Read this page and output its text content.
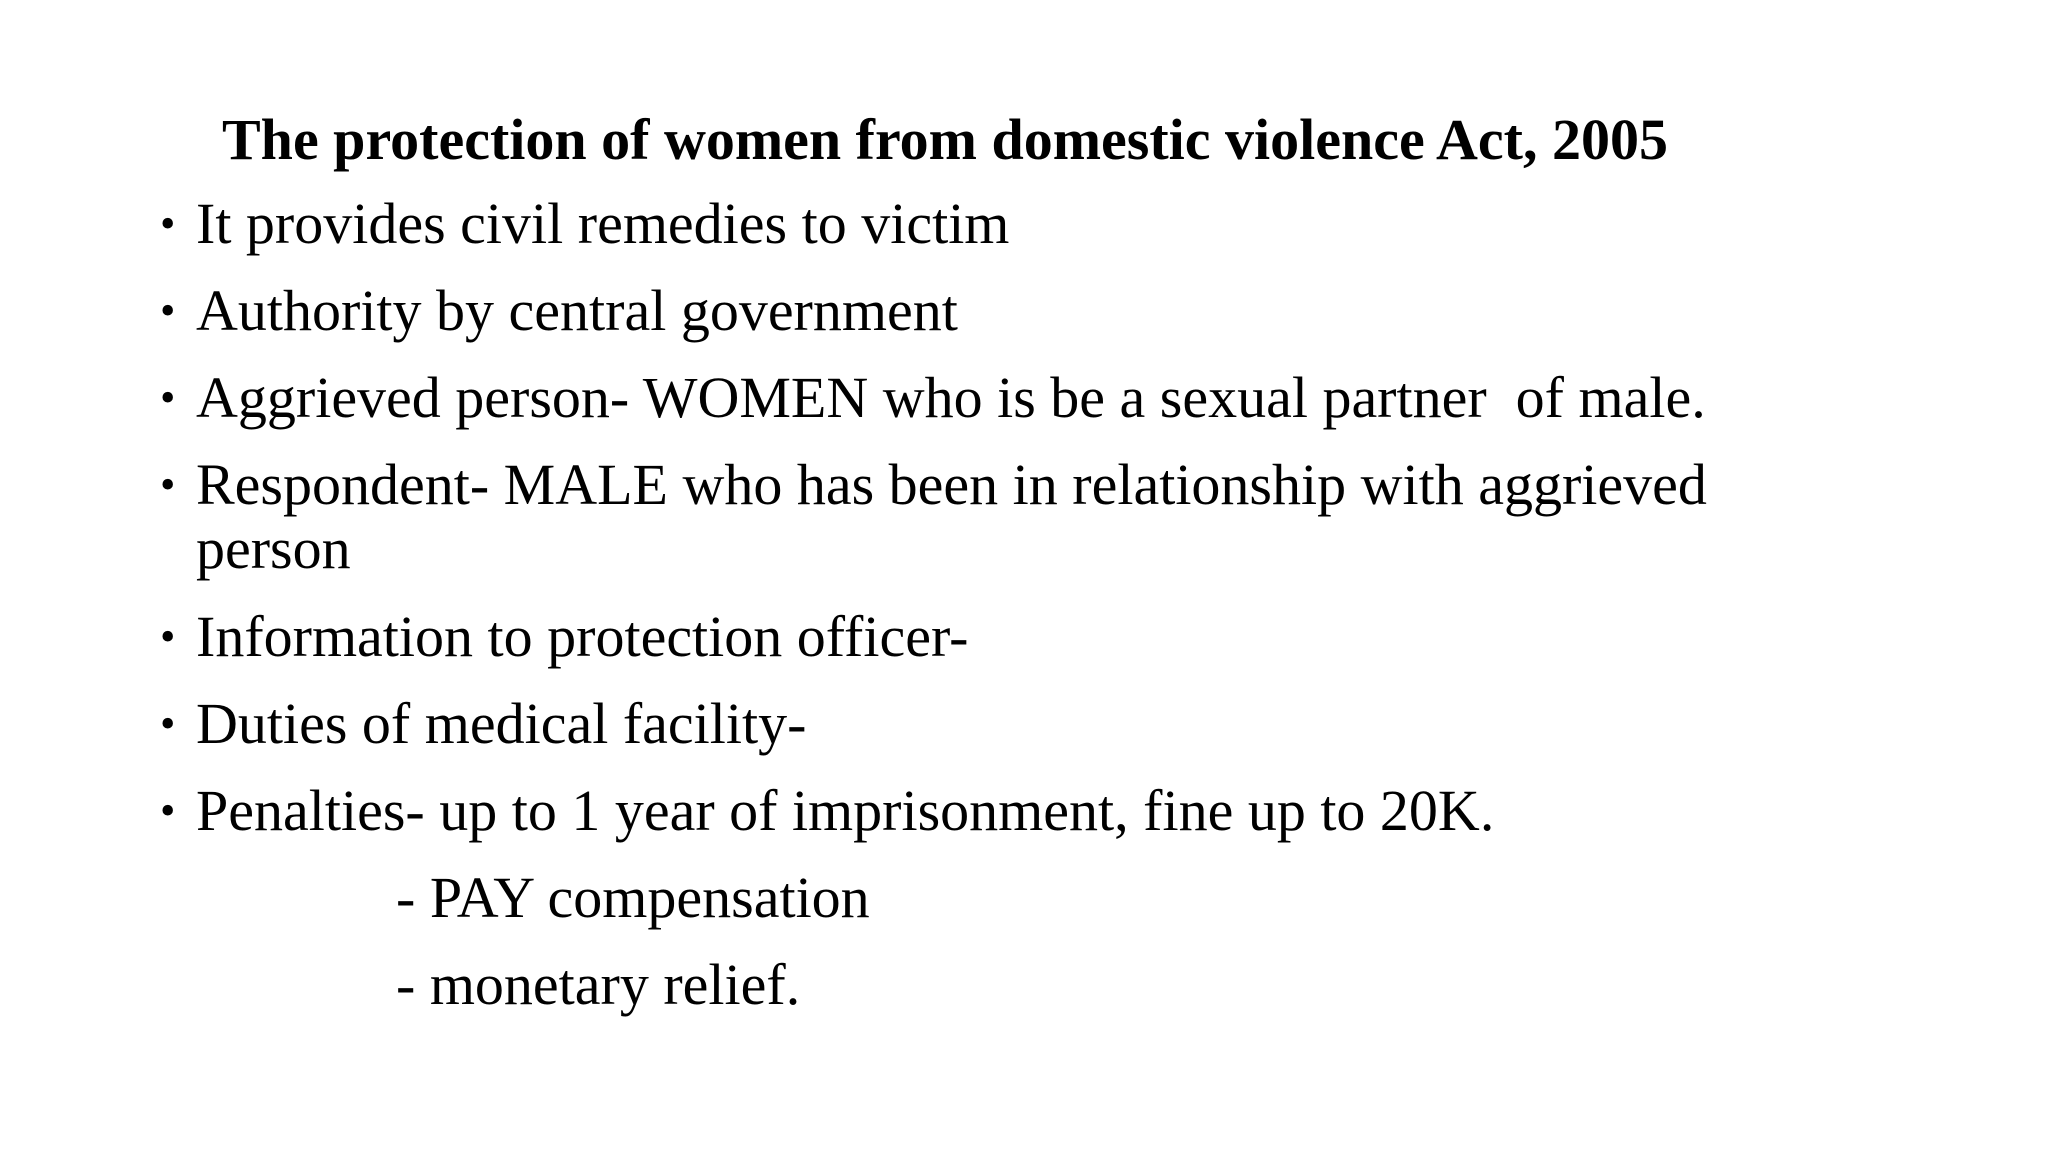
The protection of women from domestic violence Act, 2005
• It provides civil remedies to victim
• Authority by central government
• Aggrieved person- WOMEN who is be a sexual partner  of male.
• Respondent- MALE who has been in relationship with aggrieved person
• Information to protection officer-
• Duties of medical facility-
• Penalties- up to 1 year of imprisonment, fine up to 20K.
- PAY compensation
- monetary relief.
